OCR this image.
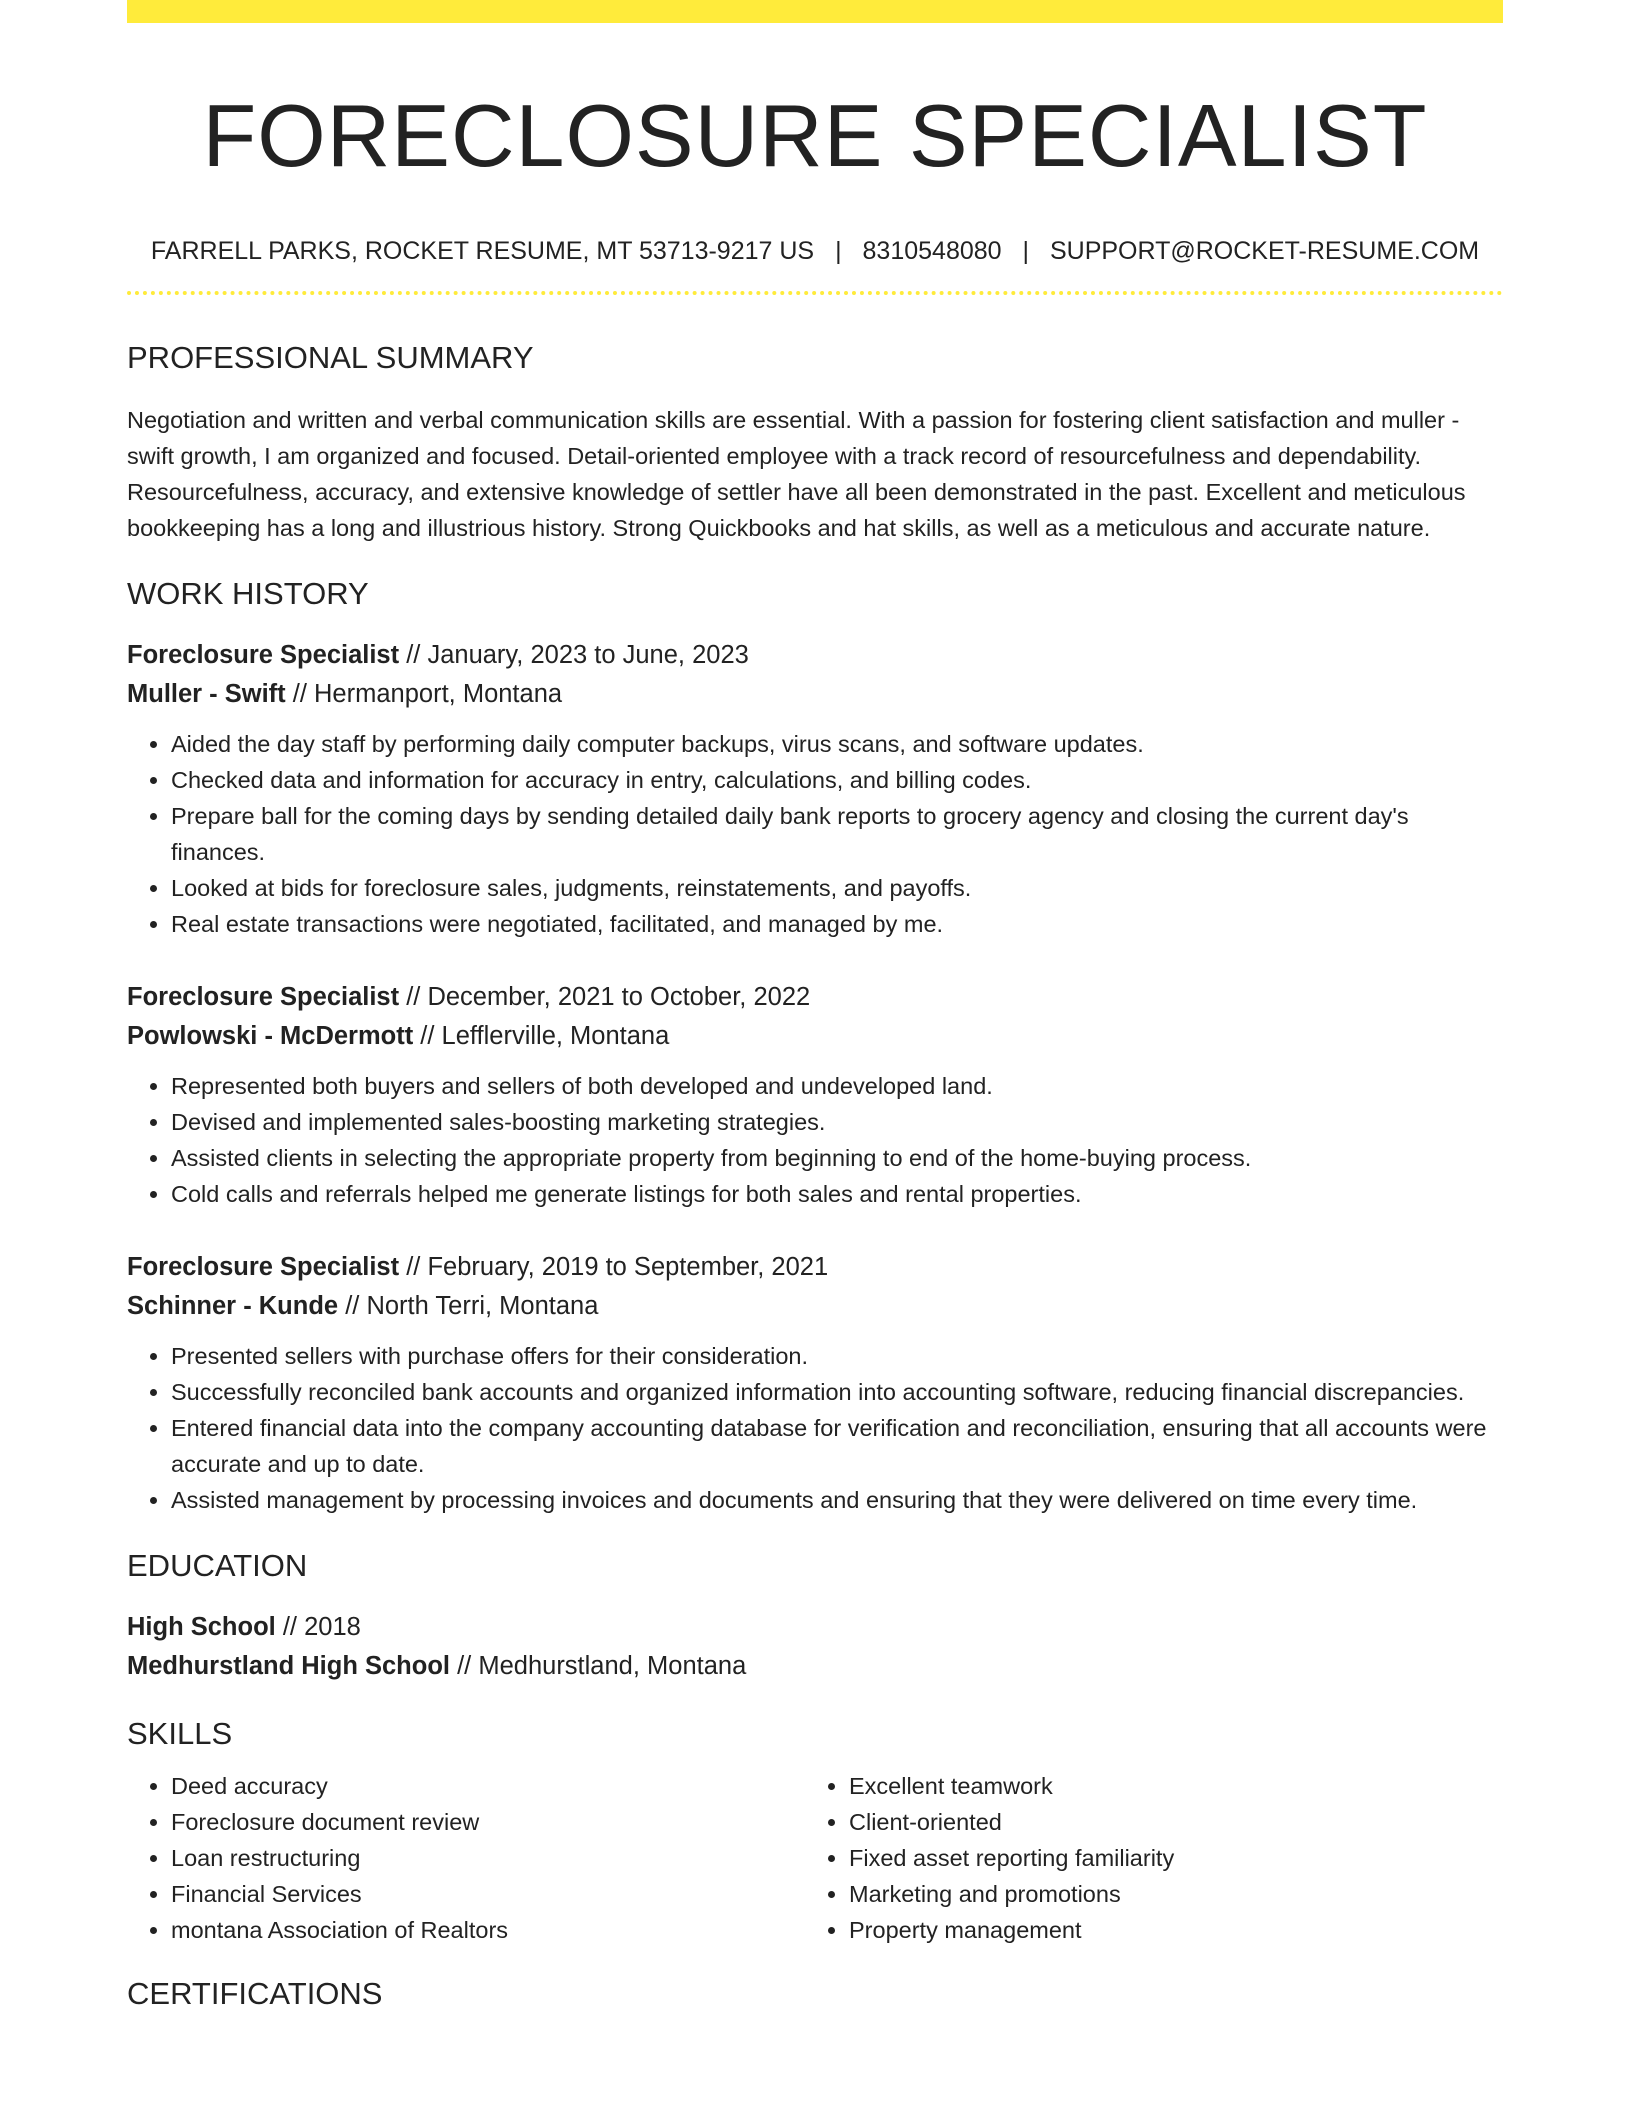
FORECLOSURE SPECIALIST
FARRELL PARKS, ROCKET RESUME, MT 53713-9217 US | 8310548080 | SUPPORT@ROCKET-RESUME.COM
PROFESSIONAL SUMMARY

Negotiation and written and verbal communication skills are essential. With a passion for fostering client satisfaction and muller - swift growth, I am organized and focused. Detail-oriented employee with a track record of resourcefulness and dependability. Resourcefulness, accuracy, and extensive knowledge of settler have all been demonstrated in the past. Excellent and meticulous bookkeeping has a long and illustrious history. Strong Quickbooks and hat skills, as well as a meticulous and accurate nature.

WORK HISTORY
Foreclosure Specialist // January, 2023 to June, 2023
Muller - Swift // Hermanport, Montana
• Aided the day staff by performing daily computer backups, virus scans, and software updates.
• Checked data and information for accuracy in entry, calculations, and billing codes.
• Prepare ball for the coming days by sending detailed daily bank reports to grocery agency and closing the current day's finances.
• Looked at bids for foreclosure sales, judgments, reinstatements, and payoffs.
• Real estate transactions were negotiated, facilitated, and managed by me.
Foreclosure Specialist // December, 2021 to October, 2022
Powlowski - McDermott // Lefflerville, Montana
• Represented both buyers and sellers of both developed and undeveloped land.
• Devised and implemented sales-boosting marketing strategies.
• Assisted clients in selecting the appropriate property from beginning to end of the home-buying process.
• Cold calls and referrals helped me generate listings for both sales and rental properties.
Foreclosure Specialist // February, 2019 to September, 2021
Schinner - Kunde // North Terri, Montana
• Presented sellers with purchase offers for their consideration.
• Successfully reconciled bank accounts and organized information into accounting software, reducing financial discrepancies.
• Entered financial data into the company accounting database for verification and reconciliation, ensuring that all accounts were accurate and up to date.
• Assisted management by processing invoices and documents and ensuring that they were delivered on time every time.
EDUCATION
High School // 2018
Medhurstland High School // Medhurstland, Montana
SKILLS
• Deed accuracy
• Foreclosure document review
• Loan restructuring
• Financial Services
• montana Association of Realtors
• Excellent teamwork
• Client-oriented
• Fixed asset reporting familiarity
• Marketing and promotions
• Property management
CERTIFICATIONS
